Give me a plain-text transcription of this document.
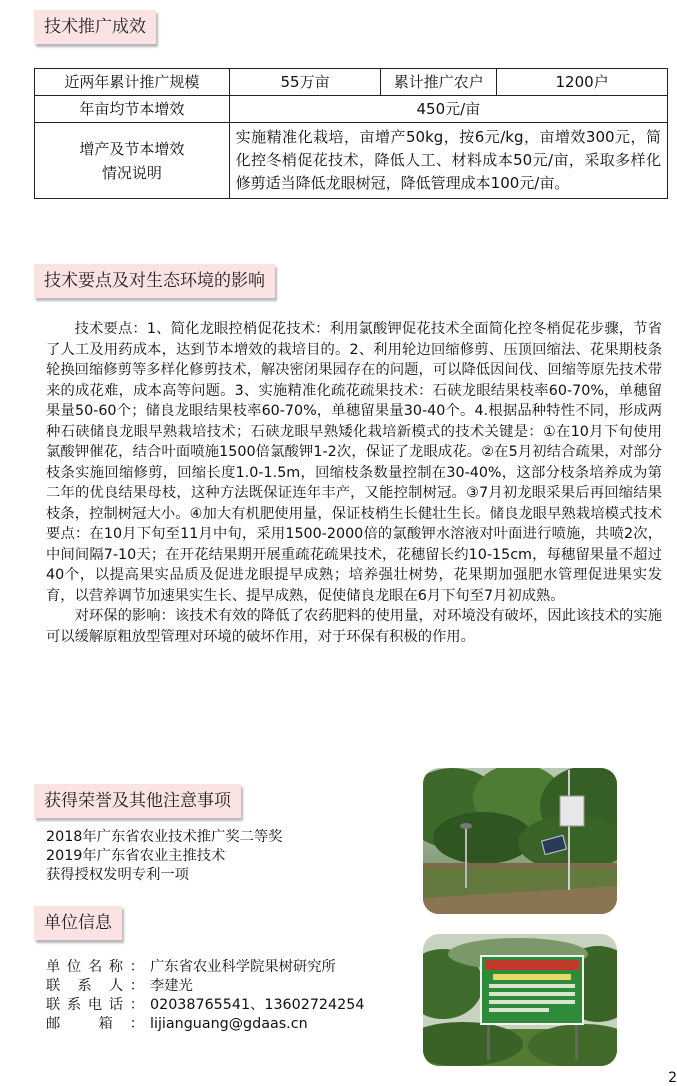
技术推广成效
近两年累计推广规模	55万亩	累计推广农户	1200户
年亩均节本增效	450元/亩		

增产及节本增效
情况说明	实施精准化栽培，亩增产50kg，按6元/kg，亩增效300元，简化控冬梢促花技术，降低人工、材料成本50元/亩，采取多样化修剪适当降低龙眼树冠，降低管理成本100元/亩。		
技术要点及对生态环境的影响

技术要点：1、简化龙眼控梢促花技术：利用氯酸钾促花技术全面简化控冬梢促花步骤，节省了人工及用药成本，达到节本增效的栽培目的。2、利用轮边回缩修剪、压顶回缩法、花果期枝条轮换回缩修剪等多样化修剪技术，解决密闭果园存在的问题，可以降低因间伐、回缩等原先技术带来的成花难，成本高等问题。3、实施精准化疏花疏果技术：石硖龙眼结果枝率60-70%，单穗留果量50-60个；储良龙眼结果枝率60-70%，单穗留果量30-40个。4.根据品种特性不同，形成两种石硖储良龙眼早熟栽培技术；石硖龙眼早熟矮化栽培新模式的技术关键是：①在10月下旬使用氯酸钾催花，结合叶面喷施1500倍氯酸钾1-2次，保证了龙眼成花。②在5月初结合疏果，对部分枝条实施回缩修剪，回缩长度1.0-1.5m，回缩枝条数量控制在30-40%，这部分枝条培养成为第二年的优良结果母枝，这种方法既保证连年丰产，又能控制树冠。③7月初龙眼采果后再回缩结果枝条，控制树冠大小。④加大有机肥使用量，保证枝梢生长健壮生长。储良龙眼早熟栽培模式技术要点：在10月下旬至11月中旬，采用1500-2000倍的氯酸钾水溶液对叶面进行喷施，共喷2次，中间间隔7-10天；在开花结果期开展重疏花疏果技术，花穗留长约10-15cm，每穗留果量不超过40个，以提高果实品质及促进龙眼提早成熟；培养强壮树势，花果期加强肥水管理促进果实发育，以营养调节加速果实生长、提早成熟，促使储良龙眼在6月下旬至7月初成熟。

对环保的影响：该技术有效的降低了农药肥料的使用量，对环境没有破坏，因此该技术的实施可以缓解原粗放型管理对环境的破坏作用，对于环保有积极的作用。

获得荣誉及其他注意事项
2018年广东省农业技术推广奖二等奖
2019年广东省农业主推技术
获得授权发明专利一项
单位信息
单位名称： 广东省农业科学院果树研究所
联 系 人： 李建光
联系电话： 02038765541、13602724254
邮 箱： lijianguang@gdaas.cn
2
